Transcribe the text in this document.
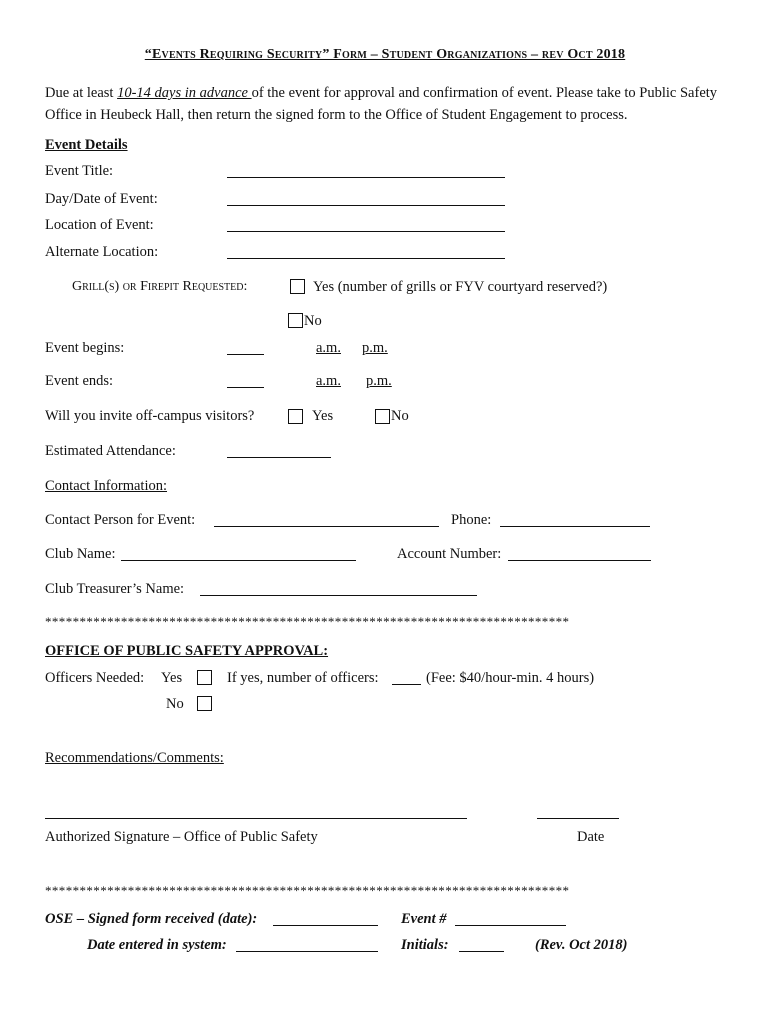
“Events Requiring Security” Form – Student Organizations – rev Oct 2018
Due at least 10-14 days in advance of the event for approval and confirmation of event. Please take to Public Safety Office in Heubeck Hall, then return the signed form to the Office of Student Engagement to process.
Event Details
Event Title:
Day/Date of Event:
Location of Event:
Alternate Location:
Grill(s) or Firepit Requested:	Yes (number of grills or FYV courtyard reserved?)
No
Event begins:	a.m. p.m.
Event ends:	a.m. p.m.
Will you invite off-campus visitors?	Yes	No
Estimated Attendance:
Contact Information:
Contact Person for Event:	Phone:
Club Name:	Account Number:
Club Treasurer’s Name:
****************************************************************************
OFFICE OF PUBLIC SAFETY APPROVAL:
Officers Needed: Yes	If yes, number of officers:	(Fee: $40/hour-min. 4 hours)
No
Recommendations/Comments:
Authorized Signature – Office of Public Safety	Date
****************************************************************************
OSE – Signed form received (date):	Event #
Date entered in system:	Initials:	(Rev. Oct 2018)
